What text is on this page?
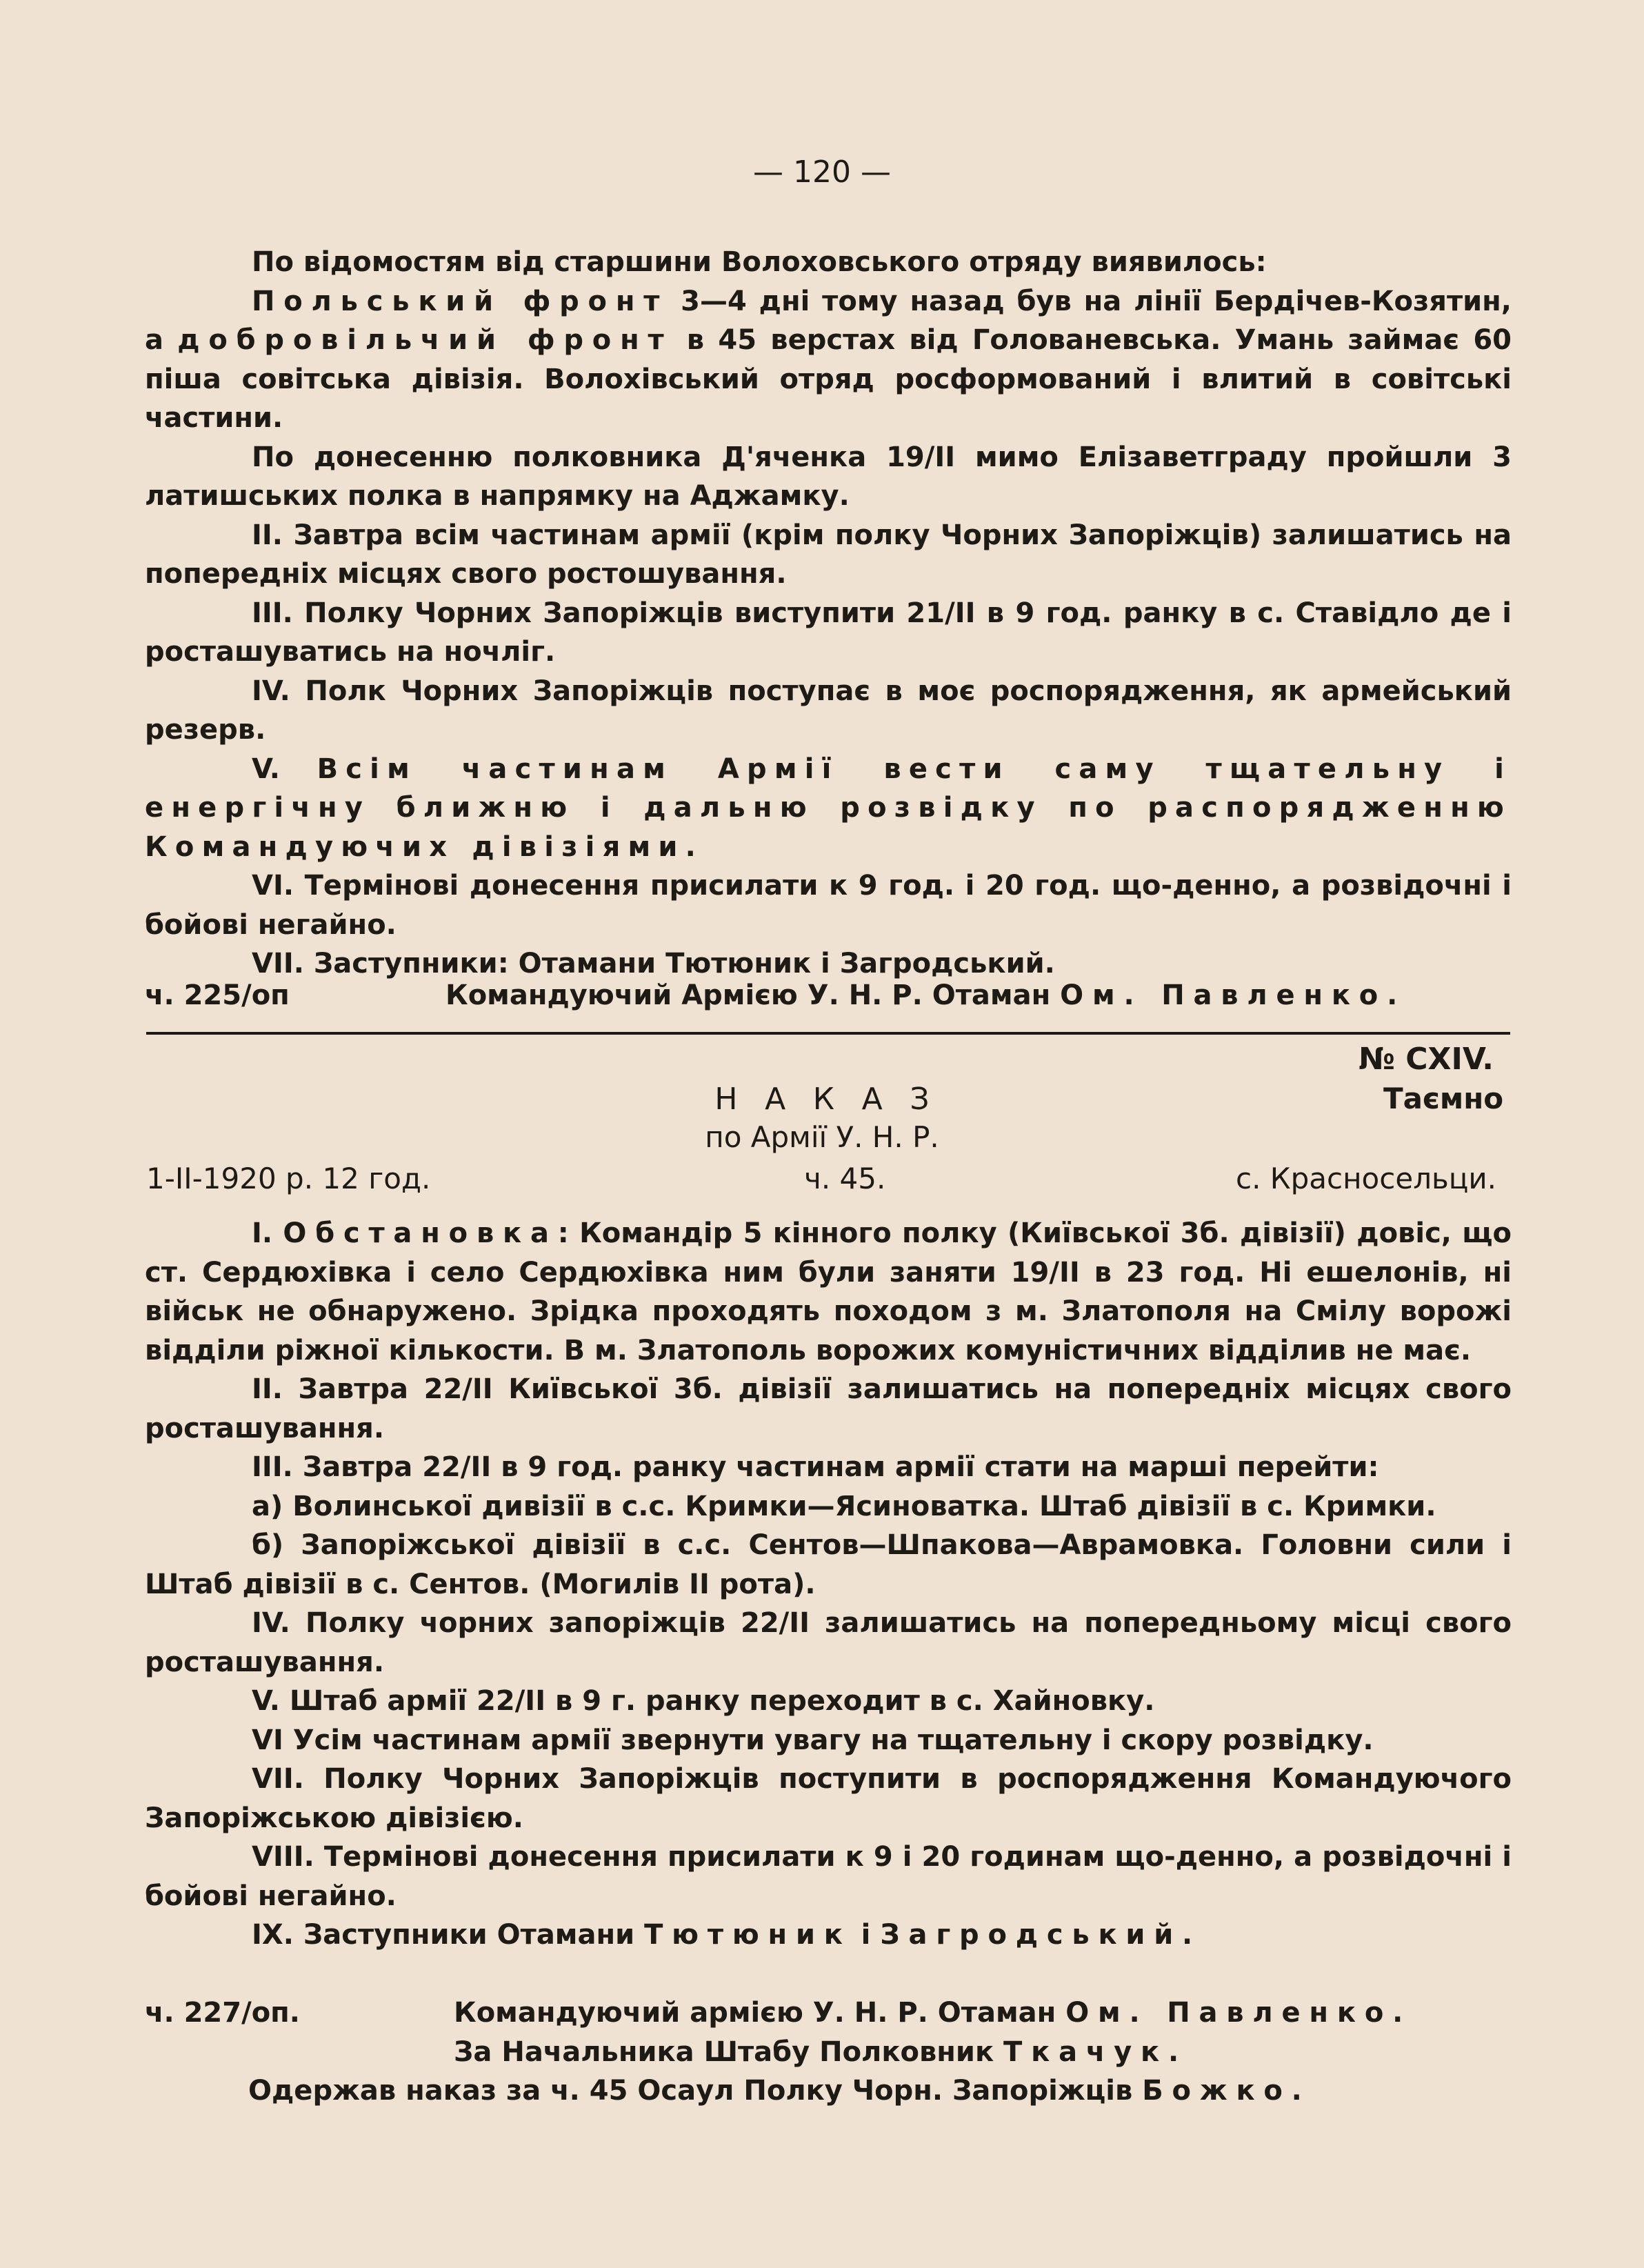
— 120 —

По відомостям від старшини Волоховського отряду виявилось:

Польський фронт 3—4 дні тому назад був на лінії Бердічев-Козятин, а добровільчий фронт в 45 верстах від Голованевська. Умань займає 60 піша совітська дівізія. Волохівський отряд росформований і влитий в совітські частини.

По донесенню полковника Д'яченка 19/II мимо Елізаветграду пройшли 3 латишських полка в напрямку на Аджамку.

II. Завтра всім частинам армії (крім полку Чорних Запоріжців) залишатись на попередніх місцях свого ростошування.

III. Полку Чорних Запоріжців виступити 21/II в 9 год. ранку в с. Ставідло де і росташуватись на ночліг.

IV. Полк Чорних Запоріжців поступає в моє роспорядження, як армейський резерв.

V. Всім частинам Армії вести саму тщательну і енергічну ближню і дальню розвідку по распорядженню Командуючих дівізіями.

VI. Термінові донесення присилати к 9 год. і 20 год. що-денно, а розвідочні і бойові негайно.

VII. Заступники: Отамани Тютюник і Загродський.

ч. 225/оп	Командуючий Армією У. Н. Р. Отаман Ом. Павленко.
№ CXIV.
НАКАЗ	Таємно
по Армії У. Н. Р.
1-II-1920 р. 12 год.	ч. 45.	с. Красносельци.

I. Обстановка: Командір 5 кінного полку (Київської 3б. дівізії) довіс, що ст. Сердюхівка і село Сердюхівка ним були заняти 19/II в 23 год. Ні ешелонів, ні військ не обнаружено. Зрідка проходять походом з м. Златополя на Смілу ворожі відділи ріжної кількости. В м. Златополь ворожих комуністичних відділив не має.

II. Завтра 22/II Київської 3б. дівізії залишатись на попередніх місцях свого росташування.

III. Завтра 22/II в 9 год. ранку частинам армії стати на марші перейти:

а) Волинської дивізії в с.с. Кримки—Ясиноватка. Штаб дівізії в с. Кримки.

б) Запоріжської дівізії в с.с. Сентов—Шпакова—Аврамовка. Головни сили і Штаб дівізії в с. Сентов. (Могилів II рота).

IV. Полку чорних запоріжців 22/II залишатись на попередньому місці свого росташування.

V. Штаб армії 22/II в 9 г. ранку переходит в с. Хайновку.

VI Усім частинам армії звернути увагу на тщательну і скору розвідку.

VII. Полку Чорних Запоріжців поступити в роспорядження Командуючого Запоріжською дівізією.

VIII. Термінові донесення присилати к 9 і 20 годинам що-денно, а розвідочні і бойові негайно.

IX. Заступники Отамани Тютюник і Загродський.

ч. 227/оп.	Командуючий армією У. Н. Р. Отаман Ом. Павленко.
За Начальника Штабу Полковник Ткачук.
Одержав наказ за ч. 45 Осаул Полку Чорн. Запоріжців Божко.
